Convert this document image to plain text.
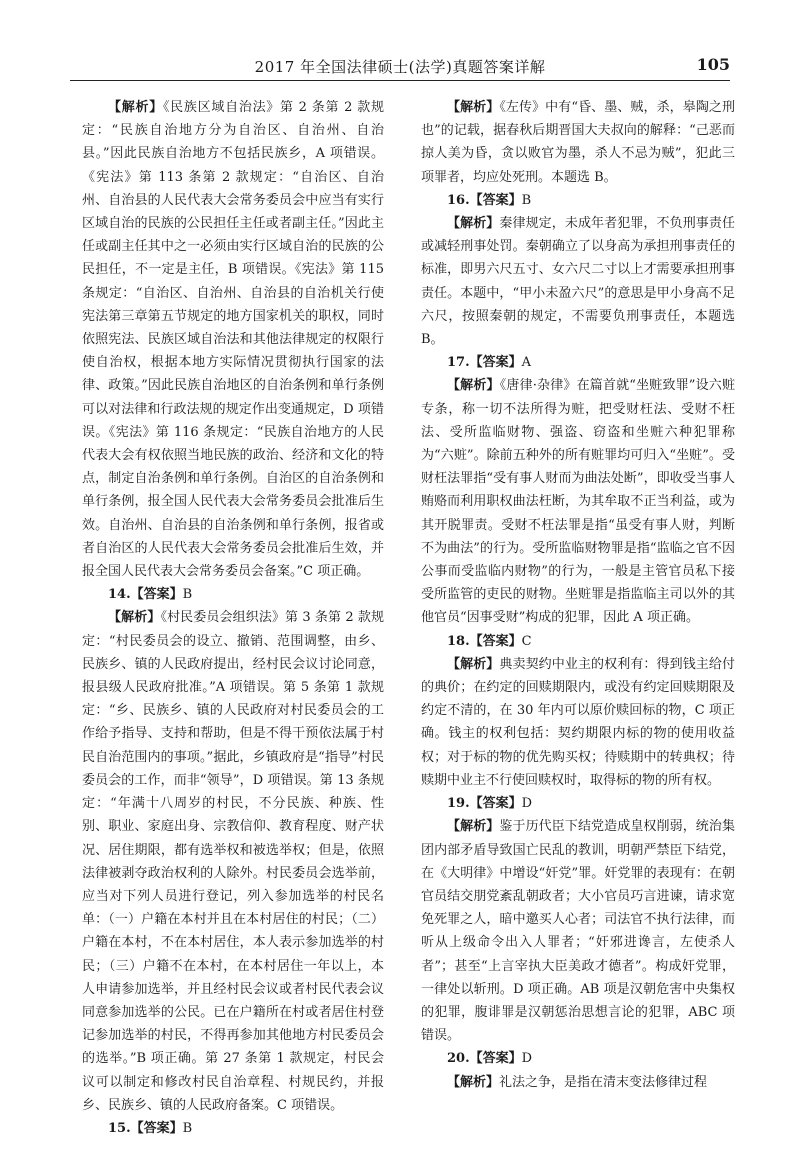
2017 年全国法律硕士(法学)真题答案详解	105

【解析】《民族区域自治法》第 2 条第 2 款规定：“民族自治地方分为自治区、自治州、自治县。”因此民族自治地方不包括民族乡，A 项错误。《宪法》第 113 条第 2 款规定：“自治区、自治州、自治县的人民代表大会常务委员会中应当有实行区域自治的民族的公民担任主任或者副主任。”因此主任或副主任其中之一必须由实行区域自治的民族的公民担任，不一定是主任，B 项错误。《宪法》第 115 条规定：“自治区、自治州、自治县的自治机关行使宪法第三章第五节规定的地方国家机关的职权，同时依照宪法、民族区域自治法和其他法律规定的权限行使自治权，根据本地方实际情况贯彻执行国家的法律、政策。”因此民族自治地区的自治条例和单行条例可以对法律和行政法规的规定作出变通规定，D 项错误。《宪法》第 116 条规定：“民族自治地方的人民代表大会有权依照当地民族的政治、经济和文化的特点，制定自治条例和单行条例。自治区的自治条例和单行条例，报全国人民代表大会常务委员会批准后生效。自治州、自治县的自治条例和单行条例，报省或者自治区的人民代表大会常务委员会批准后生效，并报全国人民代表大会常务委员会备案。”C 项正确。

14.【答案】B

【解析】《村民委员会组织法》第 3 条第 2 款规定：“村民委员会的设立、撤销、范围调整，由乡、民族乡、镇的人民政府提出，经村民会议讨论同意，报县级人民政府批准。”A 项错误。第 5 条第 1 款规定：“乡、民族乡、镇的人民政府对村民委员会的工作给予指导、支持和帮助，但是不得干预依法属于村民自治范围内的事项。”据此，乡镇政府是“指导”村民委员会的工作，而非“领导”，D 项错误。第 13 条规定：“年满十八周岁的村民，不分民族、种族、性别、职业、家庭出身、宗教信仰、教育程度、财产状况、居住期限，都有选举权和被选举权；但是，依照法律被剥夺政治权利的人除外。村民委员会选举前，应当对下列人员进行登记，列入参加选举的村民名单：（一）户籍在本村并且在本村居住的村民；（二）户籍在本村，不在本村居住，本人表示参加选举的村民；（三）户籍不在本村，在本村居住一年以上，本人申请参加选举，并且经村民会议或者村民代表会议同意参加选举的公民。已在户籍所在村或者居住村登记参加选举的村民，不得再参加其他地方村民委员会的选举。”B 项正确。第 27 条第 1 款规定，村民会议可以制定和修改村民自治章程、村规民约，并报乡、民族乡、镇的人民政府备案。C 项错误。

15.【答案】B

【解析】《左传》中有“昏、墨、贼，杀，皋陶之刑也”的记载，据春秋后期晋国大夫叔向的解释：“己恶而掠人美为昏，贪以败官为墨，杀人不忌为贼”，犯此三项罪者，均应处死刑。本题选 B。

16.【答案】B

【解析】秦律规定，未成年者犯罪，不负刑事责任或减轻刑事处罚。秦朝确立了以身高为承担刑事责任的标准，即男六尺五寸、女六尺二寸以上才需要承担刑事责任。本题中，“甲小未盈六尺”的意思是甲小身高不足六尺，按照秦朝的规定，不需要负刑事责任，本题选 B。

17.【答案】A

【解析】《唐律·杂律》在篇首就“坐赃致罪”设六赃专条，称一切不法所得为赃，把受财枉法、受财不枉法、受所监临财物、强盗、窃盗和坐赃六种犯罪称为“六赃”。除前五种外的所有赃罪均可归入“坐赃”。受财枉法罪指“受有事人财而为曲法处断”，即收受当事人贿赂而利用职权曲法枉断，为其牟取不正当利益，或为其开脱罪责。受财不枉法罪是指“虽受有事人财，判断不为曲法”的行为。受所监临财物罪是指“监临之官不因公事而受监临内财物”的行为，一般是主管官员私下接受所监管的吏民的财物。坐赃罪是指监临主司以外的其他官员“因事受财”构成的犯罪，因此 A 项正确。

18.【答案】C

【解析】典卖契约中业主的权利有：得到钱主给付的典价；在约定的回赎期限内，或没有约定回赎期限及约定不清的，在 30 年内可以原价赎回标的物，C 项正确。钱主的权利包括：契约期限内标的物的使用收益权；对于标的物的优先购买权；待赎期中的转典权；待赎期中业主不行使回赎权时，取得标的物的所有权。

19.【答案】D

【解析】鉴于历代臣下结党造成皇权削弱，统治集团内部矛盾导致国亡民乱的教训，明朝严禁臣下结党，在《大明律》中增设“奸党”罪。奸党罪的表现有：在朝官员结交朋党紊乱朝政者；大小官员巧言进谏，请求宽免死罪之人，暗中邀买人心者；司法官不执行法律，而听从上级命令出入人罪者；“奸邪进谗言，左使杀人者”；甚至“上言宰执大臣美政才德者”。构成奸党罪，一律处以斩刑。D 项正确。AB 项是汉朝危害中央集权的犯罪，腹诽罪是汉朝惩治思想言论的犯罪，ABC 项错误。

20.【答案】D

【解析】礼法之争，是指在清末变法修律过程
